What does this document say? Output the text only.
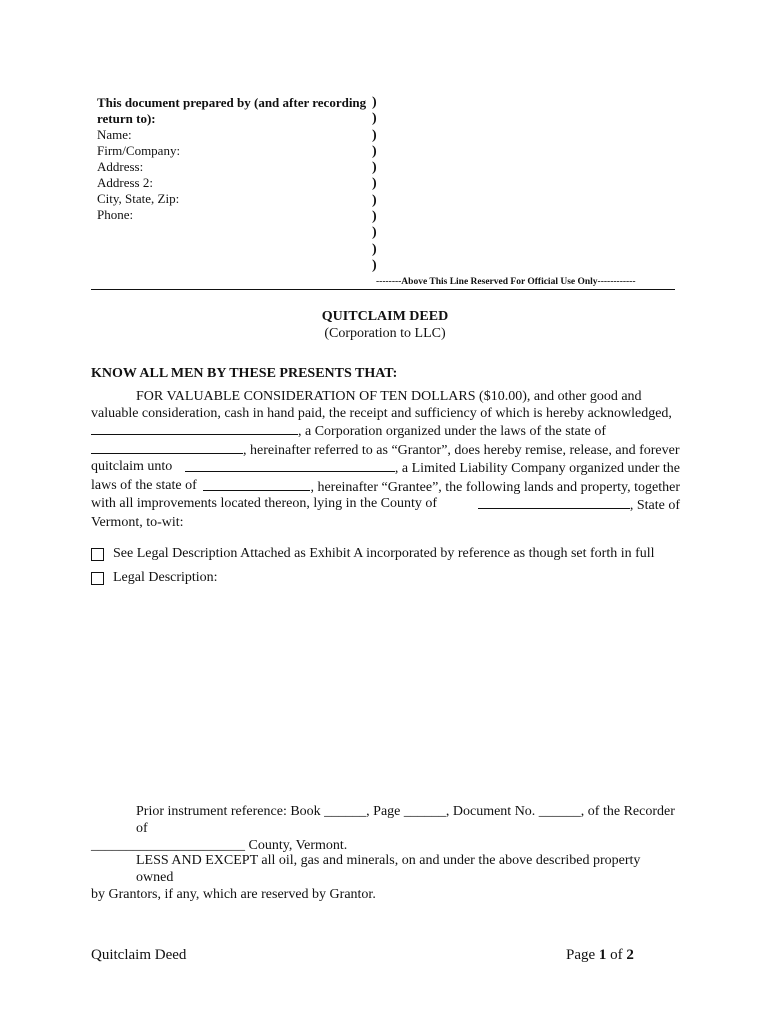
This document prepared by (and after recording return to):
Name:
Firm/Company:
Address:
Address 2:
City, State, Zip:
Phone:
)
)
)
)
)
)
)
)
)
)
)
--------Above This Line Reserved For Official Use Only------------
QUITCLAIM DEED
(Corporation to LLC)
KNOW ALL MEN BY THESE PRESENTS THAT:
FOR VALUABLE CONSIDERATION OF TEN DOLLARS ($10.00), and other good and
valuable consideration, cash in hand paid, the receipt and sufficiency of which is hereby acknowledged,
, a Corporation organized under the laws of the state of
, hereinafter referred to as “Grantor”, does hereby remise, release, and forever
quitclaim unto	, a Limited Liability Company organized under the
laws of the state of	, hereinafter “Grantee”, the following lands and property, together
with all improvements located thereon, lying in the County of	, State of
Vermont, to-wit:
See Legal Description Attached as Exhibit A incorporated by reference as though set forth in full
Legal Description:
Prior instrument reference: Book ______, Page ______, Document No. ______, of the Recorder of
______________________ County, Vermont.
LESS AND EXCEPT all oil, gas and minerals, on and under the above described property owned
by Grantors, if any, which are reserved by Grantor.
Quitclaim Deed	Page 1 of 2
